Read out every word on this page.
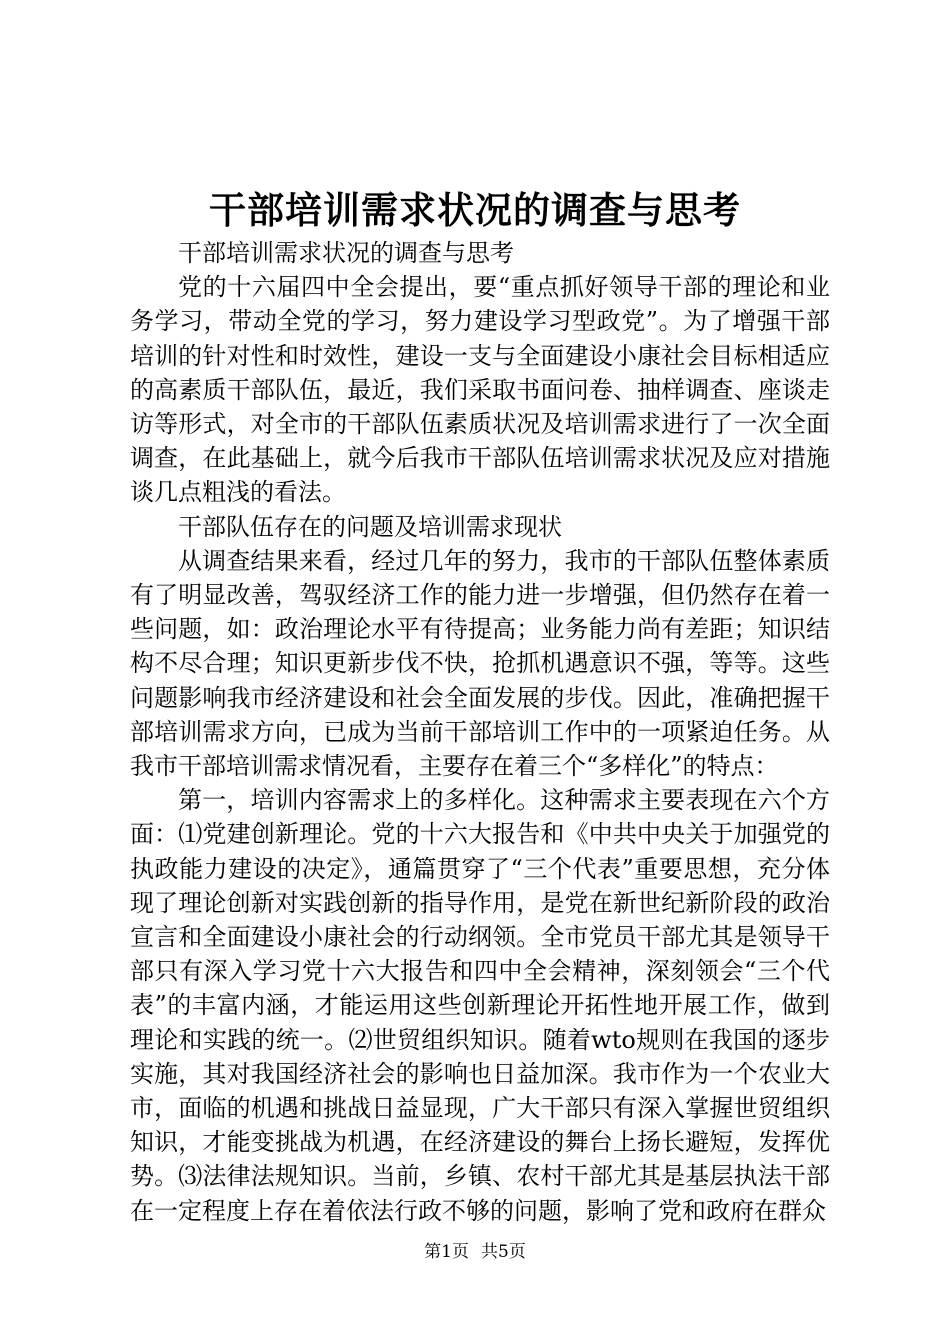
干部培训需求状况的调查与思考

干部培训需求状况的调查与思考

党的十六届四中全会提出，要“重点抓好领导干部的理论和业务学习，带动全党的学习，努力建设学习型政党”。为了增强干部培训的针对性和时效性，建设一支与全面建设小康社会目标相适应的高素质干部队伍，最近，我们采取书面问卷、抽样调查、座谈走访等形式，对全市的干部队伍素质状况及培训需求进行了一次全面调查，在此基础上，就今后我市干部队伍培训需求状况及应对措施谈几点粗浅的看法。

干部队伍存在的问题及培训需求现状

从调查结果来看，经过几年的努力，我市的干部队伍整体素质有了明显改善，驾驭经济工作的能力进一步增强，但仍然存在着一些问题，如：政治理论水平有待提高；业务能力尚有差距；知识结构不尽合理；知识更新步伐不快，抢抓机遇意识不强，等等。这些问题影响我市经济建设和社会全面发展的步伐。因此，准确把握干部培训需求方向，已成为当前干部培训工作中的一项紧迫任务。从我市干部培训需求情况看，主要存在着三个“多样化”的特点：

第一，培训内容需求上的多样化。这种需求主要表现在六个方面：⑴党建创新理论。党的十六大报告和《中共中央关于加强党的执政能力建设的决定》，通篇贯穿了“三个代表”重要思想，充分体现了理论创新对实践创新的指导作用，是党在新世纪新阶段的政治宣言和全面建设小康社会的行动纲领。全市党员干部尤其是领导干部只有深入学习党十六大报告和四中全会精神，深刻领会“三个代表”的丰富内涵，才能运用这些创新理论开拓性地开展工作，做到理论和实践的统一。⑵世贸组织知识。随着wto规则在我国的逐步实施，其对我国经济社会的影响也日益加深。我市作为一个农业大市，面临的机遇和挑战日益显现，广大干部只有深入掌握世贸组织知识，才能变挑战为机遇，在经济建设的舞台上扬长避短，发挥优势。⑶法律法规知识。当前，乡镇、农村干部尤其是基层执法干部在一定程度上存在着依法行政不够的问题，影响了党和政府在群众

第1页 共5页
